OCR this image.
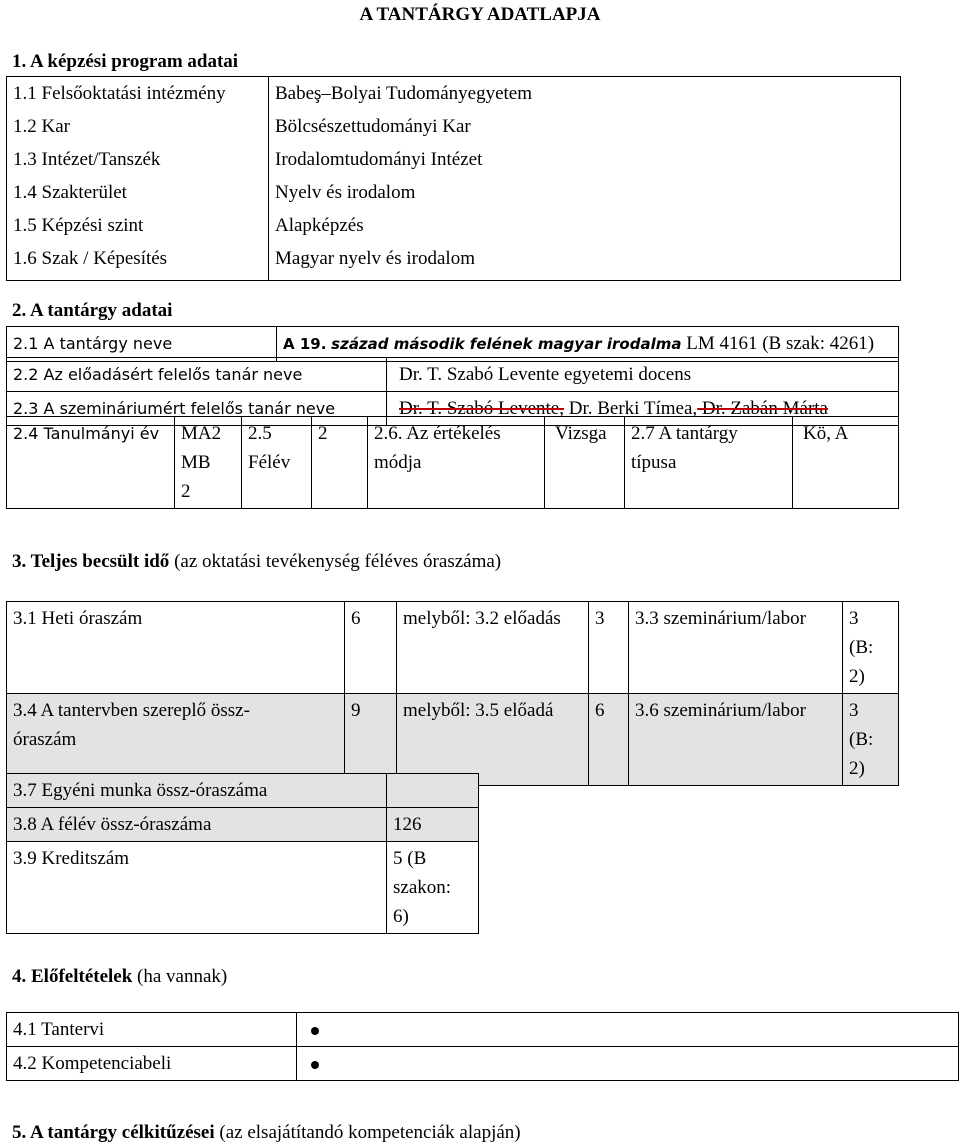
A TANTÁRGY ADATLAPJA
1. A képzési program adatai
1.1 Felsőoktatási intézmény	Babeş–Bolyai Tudományegyetem
1.2 Kar	Bölcsészettudományi Kar
1.3 Intézet/Tanszék	Irodalomtudományi Intézet
1.4 Szakterület	Nyelv és irodalom
1.5 Képzési szint	Alapképzés
1.6 Szak / Képesítés	Magyar nyelv és irodalom
2. A tantárgy adatai
2.1 A tantárgy neve	A 19. század második felének magyar irodalma LM 4161 (B szak: 4261)
2.2 Az előadásért felelős tanár neve	Dr. T. Szabó Levente egyetemi docens
2.3 A szemináriumért felelős tanár neve	Dr. T. Szabó Levente, Dr. Berki Tímea, Dr. Zabán Márta
2.4 Tanulmányi év	MA2
MB
2	2.5 Félév	2	2.6. Az értékelés
módja	Vizsga	2.7 A tantárgy
típusa	Kö, A
3. Teljes becsült idő (az oktatási tevékenység féléves óraszáma)
3.1 Heti óraszám	6	melyből: 3.2 előadás	3	3.3 szeminárium/labor	3
(B:
2)
3.4 A tantervben szereplő össz-
óraszám	9	melyből: 3.5 előadá	6	3.6 szeminárium/labor	3
(B:
2)
3.7 Egyéni munka össz-óraszáma	
3.8 A félév össz-óraszáma	126
3.9 Kreditszám	5 (B
szakon:
6)
4. Előfeltételek (ha vannak)
4.1 Tantervi	
4.2 Kompetenciabeli	
5. A tantárgy célkitűzései (az elsajátítandó kompetenciák alapján)
